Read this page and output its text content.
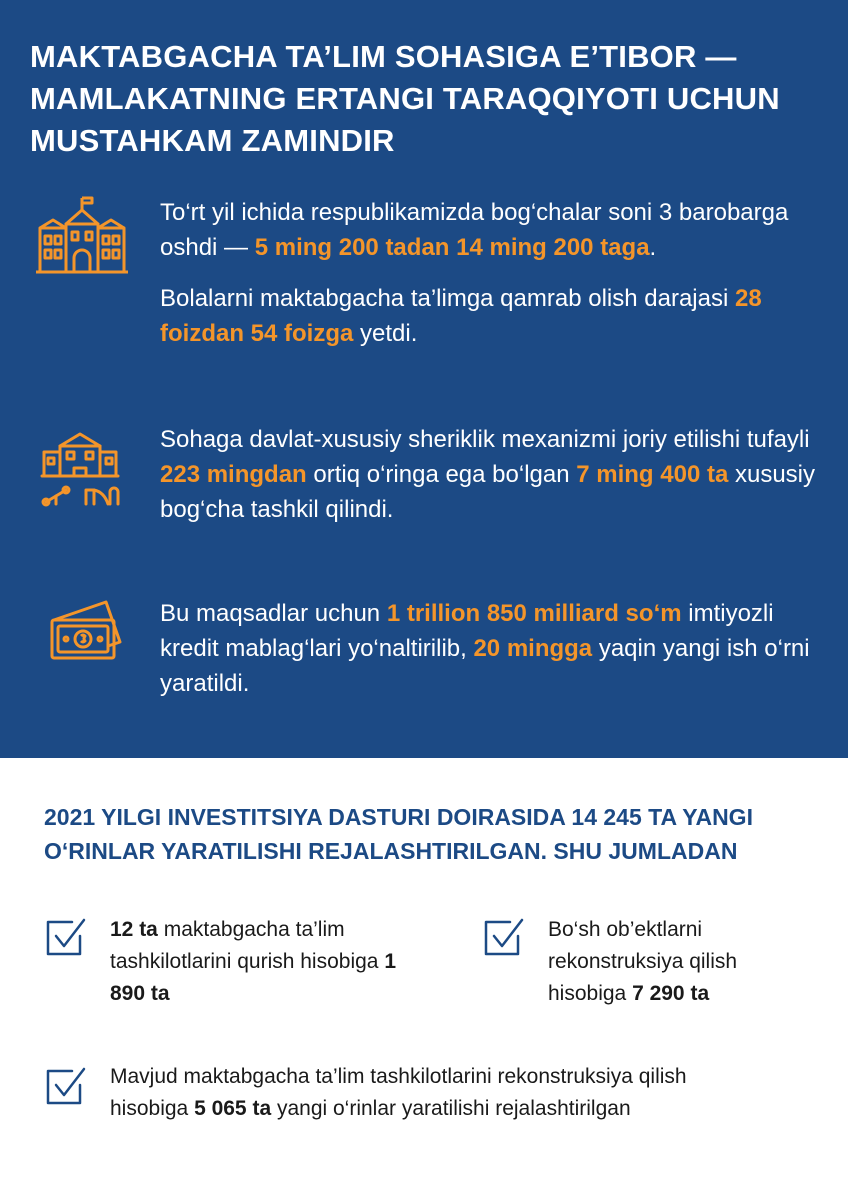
MAKTABGACHA TA’LIM SOHASIGA E’TIBOR —
MAMLAKATNING ERTANGI TARAQQIYOTI UCHUN
MUSTAHKAM ZAMINDIR

To‘rt yil ichida respublikamizda bog‘chalar soni 3 barobarga oshdi — 5 ming 200 tadan 14 ming 200 taga.

Bolalarni maktabgacha ta’limga qamrab olish darajasi 28 foizdan 54 foizga yetdi.

Sohaga davlat-xususiy sheriklik mexanizmi joriy etilishi tufayli 223 mingdan ortiq o‘ringa ega bo‘lgan 7 ming 400 ta xususiy bog‘cha tashkil qilindi.

Bu maqsadlar uchun 1 trillion 850 milliard so‘m imtiyozli kredit mablag‘lari yo‘naltirilib, 20 mingga yaqin yangi ish o‘rni yaratildi.

2021 YILGI INVESTITSIYA DASTURI DOIRASIDA 14 245 TA YANGI
O‘RINLAR YARATILISHI REJALASHTIRILGAN. SHU JUMLADAN

12 ta maktabgacha ta’lim tashkilotlarini qurish hisobiga 1 890 ta

Bo‘sh ob’ektlarni rekonstruksiya qilish hisobiga 7 290 ta

Mavjud maktabgacha ta’lim tashkilotlarini rekonstruksiya qilish hisobiga 5 065 ta yangi o‘rinlar yaratilishi rejalashtirilgan
